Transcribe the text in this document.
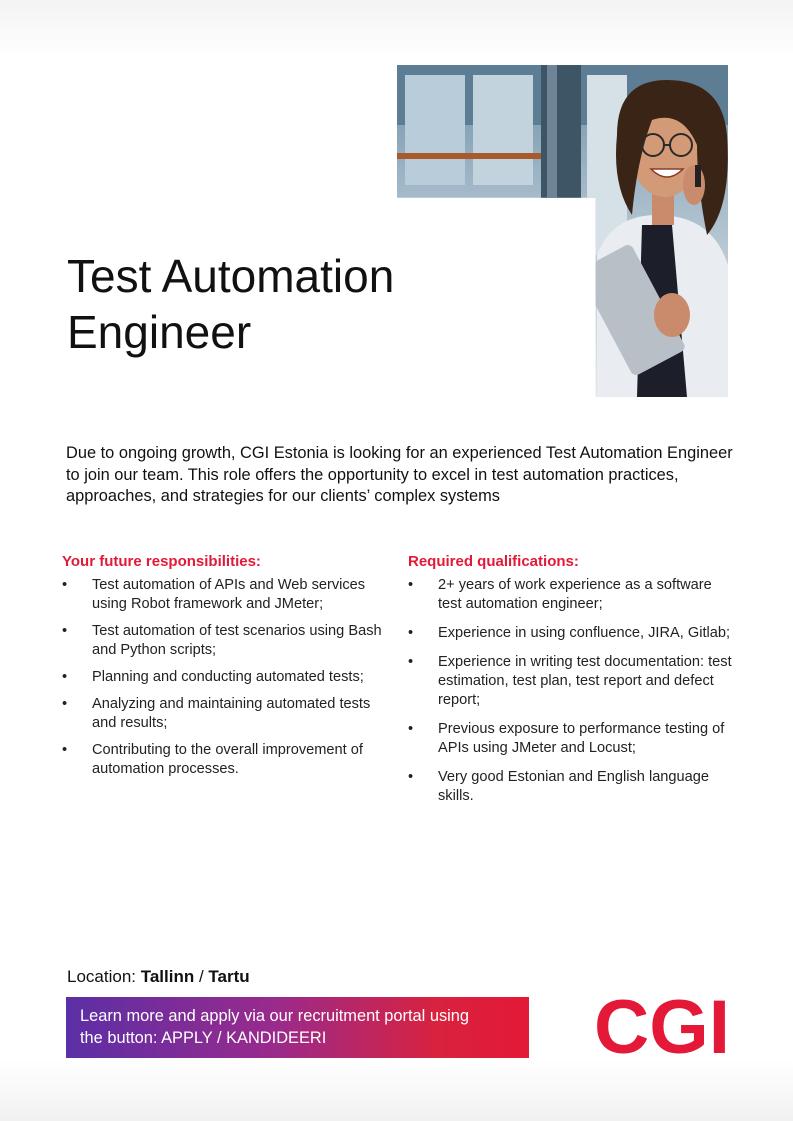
Test Automation
Engineer

Due to ongoing growth, CGI Estonia is looking for an experienced Test Automation Engineer to join our team. This role offers the opportunity to excel in test automation practices, approaches, and strategies for our clients’ complex systems

Your future responsibilities:
• Test automation of APIs and Web services using Robot framework and JMeter;
• Test automation of test scenarios using Bash and Python scripts;
• Planning and conducting automated tests;
• Analyzing and maintaining automated tests and results;
• Contributing to the overall improvement of automation processes.
Required qualifications:
• 2+ years of work experience as a software test automation engineer;
• Experience in using confluence, JIRA, Gitlab;
• Experience in writing test documentation: test estimation, test plan, test report and defect report;
• Previous exposure to performance testing of APIs using JMeter and Locust;
• Very good Estonian and English language skills.
Location: Tallinn / Tartu
Learn more and apply via our recruitment portal using
the button: APPLY / KANDIDEERI	CGI
